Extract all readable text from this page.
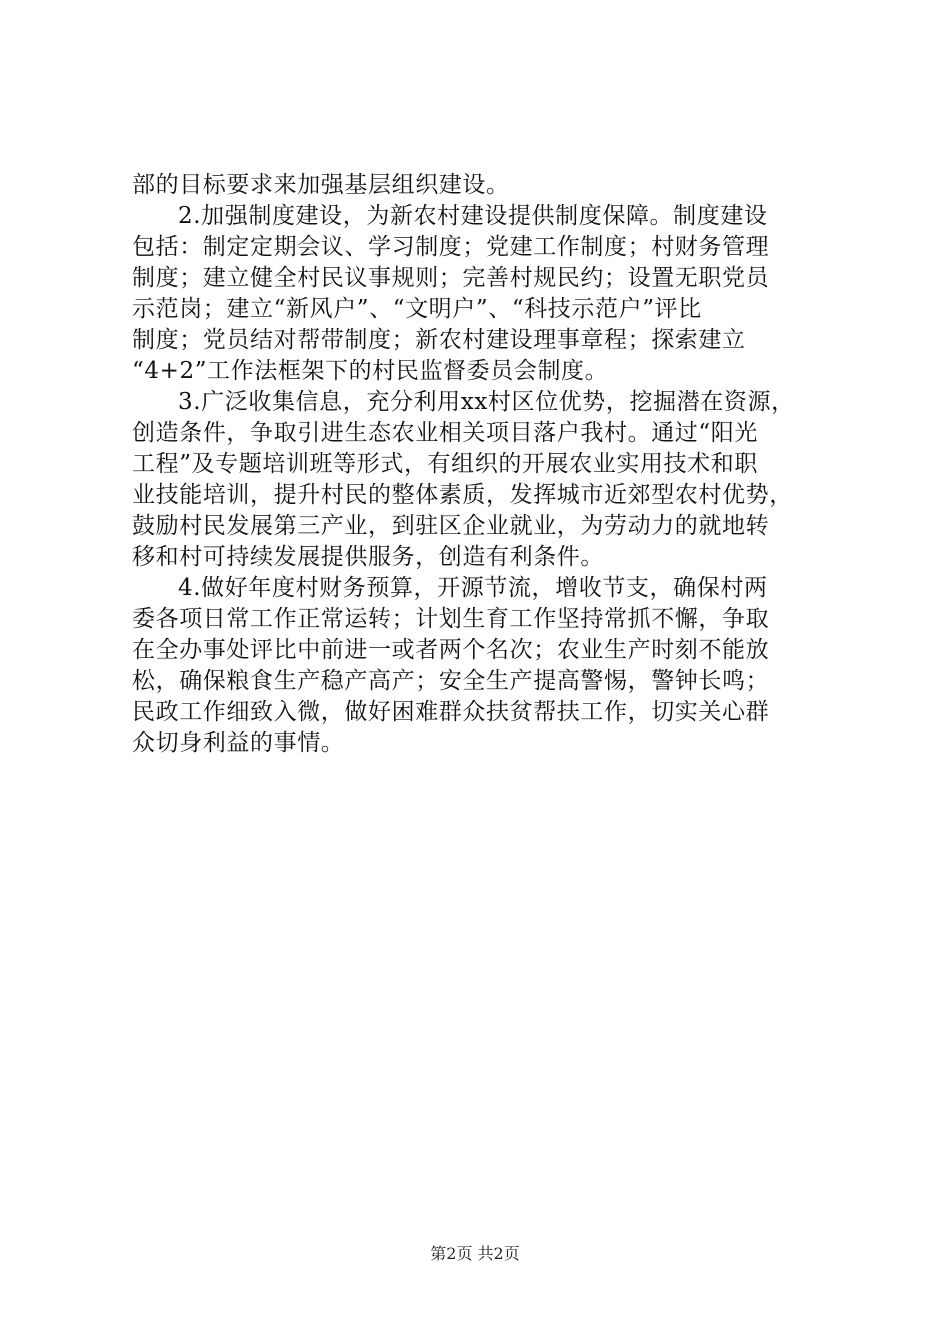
部的目标要求来加强基层组织建设。
2.加强制度建设，为新农村建设提供制度保障。制度建设
包括：制定定期会议、学习制度；党建工作制度；村财务管理
制度；建立健全村民议事规则；完善村规民约；设置无职党员
示范岗；建立“新风户”、“文明户”、“科技示范户”评比
制度；党员结对帮带制度；新农村建设理事章程；探索建立
“4+2”工作法框架下的村民监督委员会制度。
3.广泛收集信息，充分利用xx村区位优势，挖掘潜在资源，
创造条件，争取引进生态农业相关项目落户我村。通过“阳光
工程”及专题培训班等形式，有组织的开展农业实用技术和职
业技能培训，提升村民的整体素质，发挥城市近郊型农村优势，
鼓励村民发展第三产业，到驻区企业就业，为劳动力的就地转
移和村可持续发展提供服务，创造有利条件。
4.做好年度村财务预算，开源节流，增收节支，确保村两
委各项日常工作正常运转；计划生育工作坚持常抓不懈，争取
在全办事处评比中前进一或者两个名次；农业生产时刻不能放
松，确保粮食生产稳产高产；安全生产提高警惕，警钟长鸣；
民政工作细致入微，做好困难群众扶贫帮扶工作，切实关心群
众切身利益的事情。
第2页 共2页
